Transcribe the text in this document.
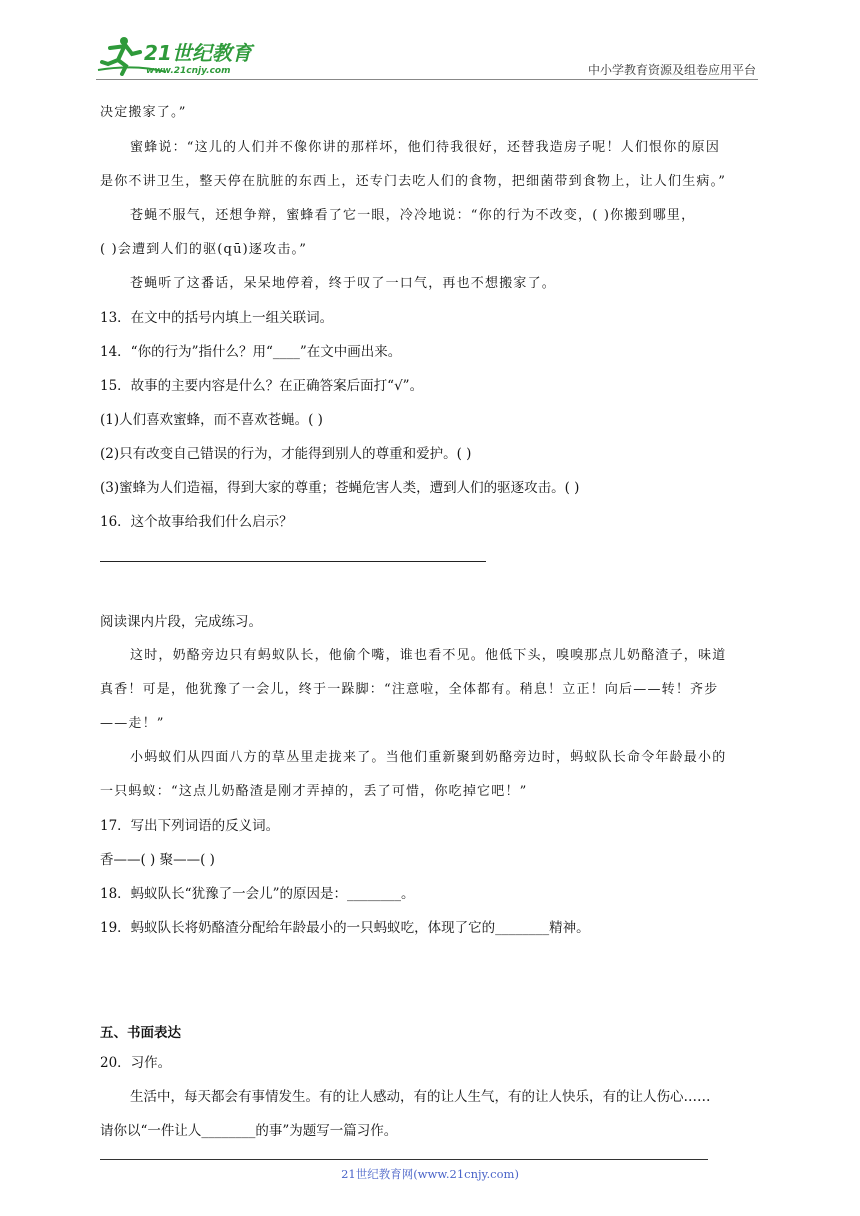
21世纪教育
www.21cnjy.com	中小学教育资源及组卷应用平台
决定搬家了。”
蜜蜂说：“这儿的人们并不像你讲的那样坏，他们待我很好，还替我造房子呢！人们恨你的原因
是你不讲卫生，整天停在肮脏的东西上，还专门去吃人们的食物，把细菌带到食物上，让人们生病。”
苍蝇不服气，还想争辩，蜜蜂看了它一眼，冷冷地说：“你的行为不改变，( )你搬到哪里，
( )会遭到人们的驱(qū)逐攻击。”
苍蝇听了这番话，呆呆地停着，终于叹了一口气，再也不想搬家了。
13．在文中的括号内填上一组关联词。
14．“你的行为”指什么？用“____”在文中画出来。
15．故事的主要内容是什么？在正确答案后面打“√”。
(1)人们喜欢蜜蜂，而不喜欢苍蝇。( )
(2)只有改变自己错误的行为，才能得到别人的尊重和爱护。( )
(3)蜜蜂为人们造福，得到大家的尊重；苍蝇危害人类，遭到人们的驱逐攻击。( )
16．这个故事给我们什么启示？
阅读课内片段，完成练习。
这时，奶酪旁边只有蚂蚁队长，他偷个嘴，谁也看不见。他低下头，嗅嗅那点儿奶酪渣子，味道
真香！可是，他犹豫了一会儿，终于一跺脚：“注意啦，全体都有。稍息！立正！向后——转！齐步
——走！”
小蚂蚁们从四面八方的草丛里走拢来了。当他们重新聚到奶酪旁边时，蚂蚁队长命令年龄最小的
一只蚂蚁：“这点儿奶酪渣是刚才弄掉的，丢了可惜，你吃掉它吧！”
17．写出下列词语的反义词。
香——( ) 聚——( )
18．蚂蚁队长“犹豫了一会儿”的原因是：________。
19．蚂蚁队长将奶酪渣分配给年龄最小的一只蚂蚁吃，体现了它的________精神。
五、书面表达
20．习作。
生活中，每天都会有事情发生。有的让人感动，有的让人生气，有的让人快乐，有的让人伤心……
请你以“一件让人________的事”为题写一篇习作。
21世纪教育网(www.21cnjy.com)
